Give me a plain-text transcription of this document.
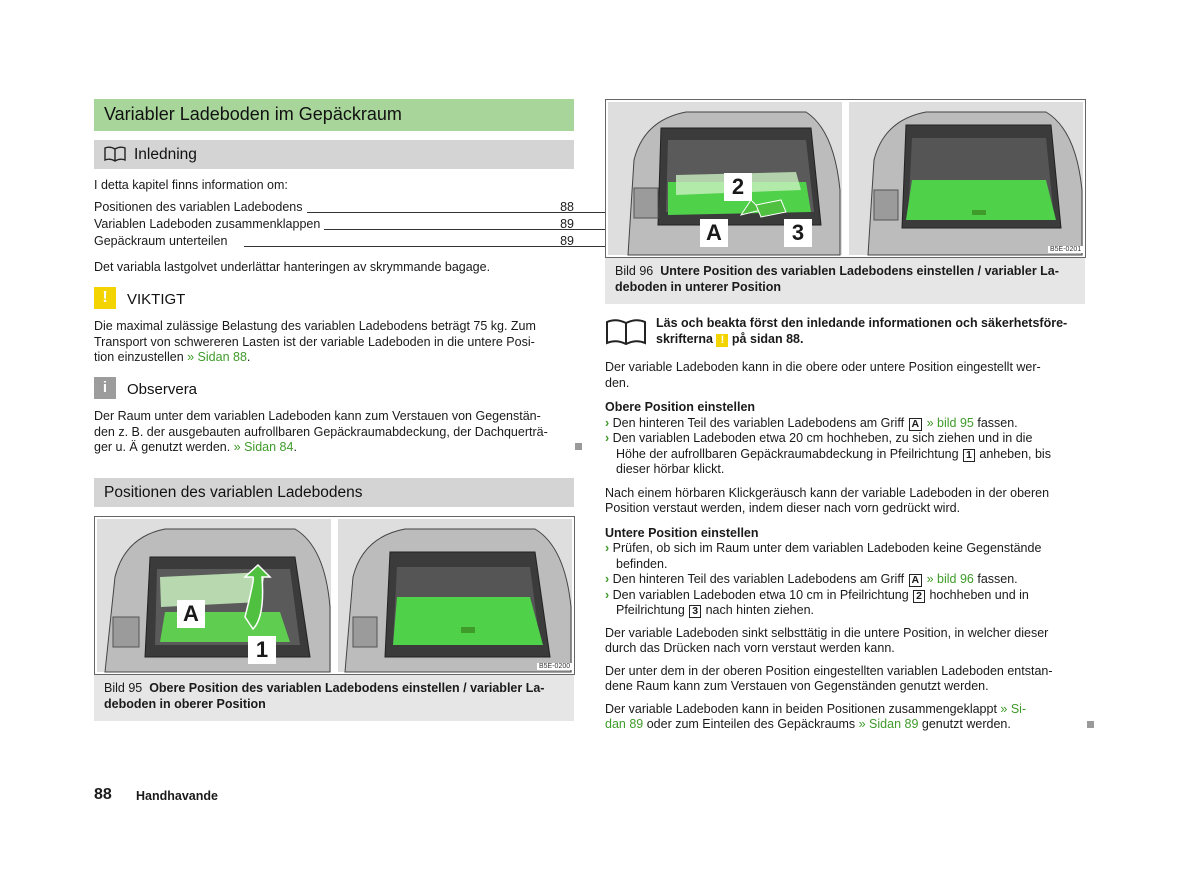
Variabler Ladeboden im Gepäckraum
Inledning
I detta kapitel finns information om:
Positionen des variablen Ladebodens	88
Variablen Ladeboden zusammenklappen	89
Gepäckraum unterteilen	89
Det variabla lastgolvet underlättar hanteringen av skrymmande bagage.
!	VIKTIGT
Die maximal zulässige Belastung des variablen Ladebodens beträgt 75 kg. Zum
Transport von schwereren Lasten ist der variable Ladeboden in die untere Posi-
tion einzustellen » Sidan 88.
i	Observera
Der Raum unter dem variablen Ladeboden kann zum Verstauen von Gegenstän-
den z. B. der ausgebauten aufrollbaren Gepäckraumabdeckung, der Dachquerträ-
ger u. Ä genutzt werden. » Sidan 84.
Positionen des variablen Ladebodens
A
1
B5E-0200
Bild 95 Obere Position des variablen Ladebodens einstellen / variabler La-
deboden in oberer Position
2
A	3
B5E-0201
Bild 96 Untere Position des variablen Ladebodens einstellen / variabler La-
deboden in unterer Position
Läs och beakta först den inledande informationen och säkerhetsföre-
skrifterna ! på sidan 88.
Der variable Ladeboden kann in die obere oder untere Position eingestellt wer-
den.
Obere Position einstellen
› Den hinteren Teil des variablen Ladebodens am Griff A » bild 95 fassen.
› Den variablen Ladeboden etwa 20 cm hochheben, zu sich ziehen und in die
Höhe der aufrollbaren Gepäckraumabdeckung in Pfeilrichtung 1 anheben, bis
dieser hörbar klickt.
Nach einem hörbaren Klickgeräusch kann der variable Ladeboden in der oberen
Position verstaut werden, indem dieser nach vorn gedrückt wird.
Untere Position einstellen
› Prüfen, ob sich im Raum unter dem variablen Ladeboden keine Gegenstände
befinden.
› Den hinteren Teil des variablen Ladebodens am Griff A » bild 96 fassen.
› Den variablen Ladeboden etwa 10 cm in Pfeilrichtung 2 hochheben und in
Pfeilrichtung 3 nach hinten ziehen.
Der variable Ladeboden sinkt selbsttätig in die untere Position, in welcher dieser
durch das Drücken nach vorn verstaut werden kann.
Der unter dem in der oberen Position eingestellten variablen Ladeboden entstan-
dene Raum kann zum Verstauen von Gegenständen genutzt werden.
Der variable Ladeboden kann in beiden Positionen zusammengeklappt » Si-
dan 89 oder zum Einteilen des Gepäckraums » Sidan 89 genutzt werden.
88 Handhavande
